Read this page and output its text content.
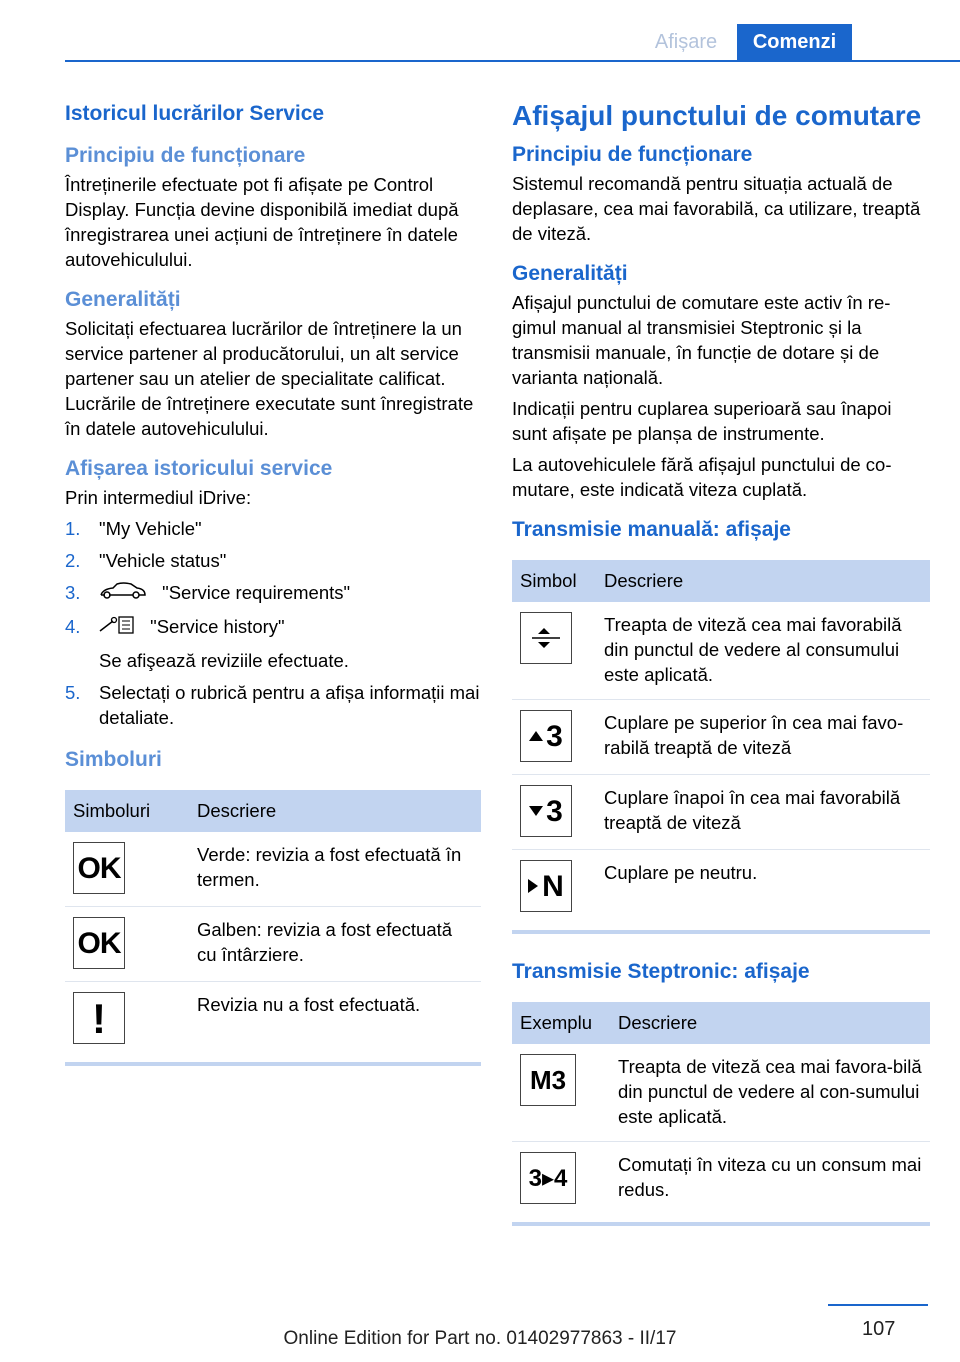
Afișare	Comenzi
Istoricul lucrărilor Service
Principiu de funcționare
Întreținerile efectuate pot fi afișate pe Control Display. Funcția devine disponibilă imediat după înregistrarea unei acțiuni de întreținere în datele autovehiculului.
Generalități
Solicitați efectuarea lucrărilor de întreținere la un service partener al producătorului, un alt service partener sau un atelier de specialitate calificat. Lucrările de întreținere executate sunt înregistrate în datele autovehiculului.
Afișarea istoricului service
Prin intermediul iDrive:
1. "My Vehicle"
2. "Vehicle status"
3.	"Service requirements"
4.	"Service history"
Se afişează reviziile efectuate.
5. Selectați o rubrică pentru a afișa informații mai detaliate.
Simboluri
Simboluri	Descriere

OK	Verde: revizia a fost efectuată în termen.

OK	Galben: revizia a fost efectuată cu întârziere.

!	Revizia nu a fost efectuată.
Afișajul punctului de comutare
Principiu de funcționare
Sistemul recomandă pentru situația actuală de deplasare, cea mai favorabilă, ca utilizare, treaptă de viteză.
Generalități
Afișajul punctului de comutare este activ în re-gimul manual al transmisiei Steptronic și la transmisii manuale, în funcție de dotare și de varianta națională.
Indicații pentru cuplarea superioară sau înapoi sunt afișate pe planșa de instrumente.
La autovehiculele fără afișajul punctului de co-mutare, este indicată viteza cuplată.
Transmisie manuală: afișaje
Simbol	Descriere

	Treapta de viteză cea mai favorabilă din punctul de vedere al consumului este aplicată.

3	Cuplare pe superior în cea mai favo-rabilă treaptă de viteză

3	Cuplare înapoi în cea mai favorabilă treaptă de viteză

N	Cuplare pe neutru.
Transmisie Steptronic: afișaje
Exemplu	Descriere

M3	Treapta de viteză cea mai favora-bilă din punctul de vedere al con-sumului este aplicată.

3▸4	Comutați în viteza cu un consum mai redus.
107
Online Edition for Part no. 01402977863 - II/17
